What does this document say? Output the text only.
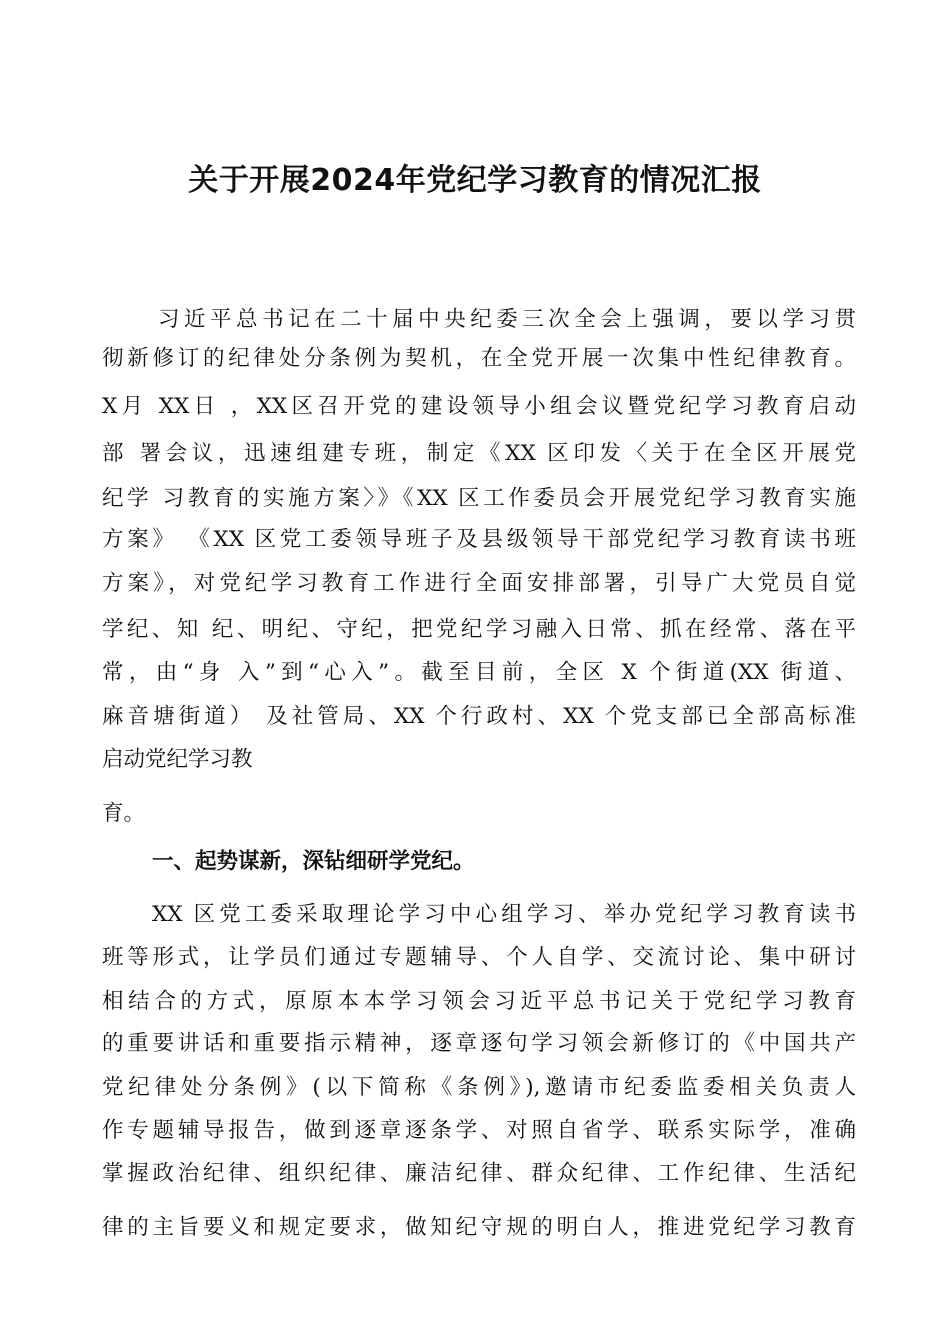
关于开展2024年党纪学习教育的情况汇报
习近平总书记在二十届中央纪委三次全会上强调，要以学习贯
彻新修订的纪律处分条例为契机，在全党开展一次集中性纪律教育。
X月 XX日 ，XX区召开党的建设领导小组会议暨党纪学习教育启动
部 署会议，迅速组建专班，制定《XX 区印发〈关于在全区开展党
纪学 习教育的实施方案〉》《XX 区工作委员会开展党纪学习教育实施
方案》 《XX 区党工委领导班子及县级领导干部党纪学习教育读书班
方案》，对党纪学习教育工作进行全面安排部署，引导广大党员自觉
学纪、知 纪、明纪、守纪，把党纪学习融入日常、抓在经常、落在平
常，由“身 入”到“心入”。截至目前，全区 X 个街道(XX 街道、
麻音塘街道） 及社管局、XX 个行政村、XX 个党支部已全部高标准
启动党纪学习教
育。
一、起势谋新，深钻细研学党纪。
XX 区党工委采取理论学习中心组学习、举办党纪学习教育读书
班等形式，让学员们通过专题辅导、个人自学、交流讨论、集中研讨
相结合的方式，原原本本学习领会习近平总书记关于党纪学习教育
的重要讲话和重要指示精神，逐章逐句学习领会新修订的《中国共产
党纪律处分条例》(以下简称《条例》),邀请市纪委监委相关负责人
作专题辅导报告，做到逐章逐条学、对照自省学、联系实际学，准确
掌握政治纪律、组织纪律、廉洁纪律、群众纪律、工作纪律、生活纪
律的主旨要义和规定要求，做知纪守规的明白人，推进党纪学习教育
